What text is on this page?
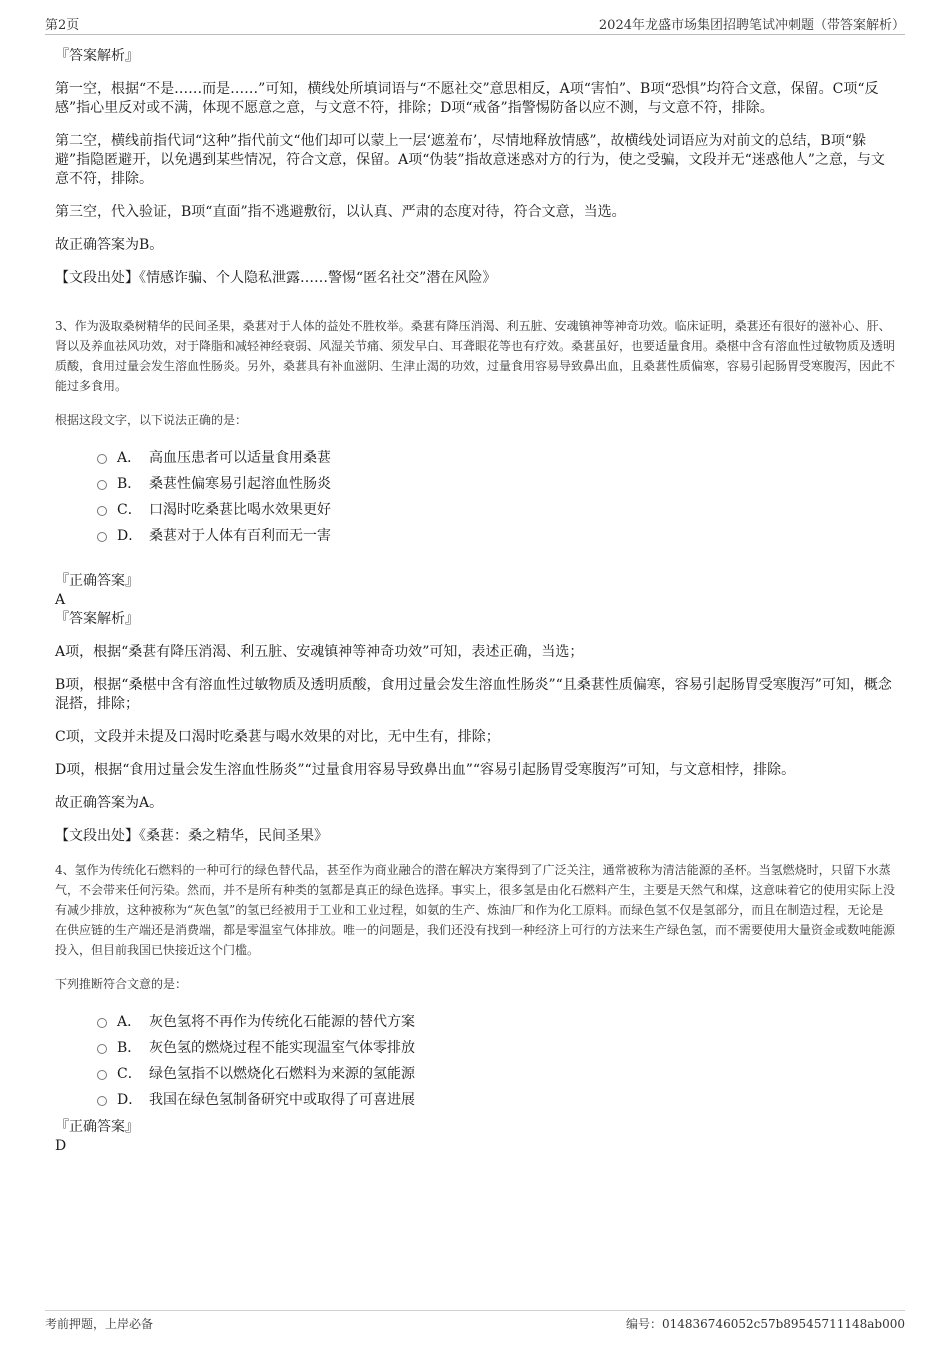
第2页	2024年龙盛市场集团招聘笔试冲刺题（带答案解析）

『答案解析』

第一空，根据“不是……而是……”可知，横线处所填词语与“不愿社交”意思相反，A项“害怕”、B项“恐惧”均符合文意，保留。C项“反感”指心里反对或不满，体现不愿意之意，与文意不符，排除；D项“戒备”指警惕防备以应不测，与文意不符，排除。

第二空，横线前指代词“这种”指代前文“他们却可以蒙上一层‘遮羞布’，尽情地释放情感”，故横线处词语应为对前文的总结，B项“躲避”指隐匿避开，以免遇到某些情况，符合文意，保留。A项“伪装”指故意迷惑对方的行为，使之受骗，文段并无“迷惑他人”之意，与文意不符，排除。

第三空，代入验证，B项“直面”指不逃避敷衍，以认真、严肃的态度对待，符合文意，当选。

故正确答案为B。

【文段出处】《情感诈骗、个人隐私泄露……警惕“匿名社交”潜在风险》

3、作为汲取桑树精华的民间圣果，桑葚对于人体的益处不胜枚举。桑葚有降压消渴、利五脏、安魂镇神等神奇功效。临床证明，桑葚还有很好的滋补心、肝、肾以及养血祛风功效，对于降脂和减轻神经衰弱、风湿关节痛、须发早白、耳聋眼花等也有疗效。桑葚虽好，也要适量食用。桑椹中含有溶血性过敏物质及透明质酸，食用过量会发生溶血性肠炎。另外，桑葚具有补血滋阴、生津止渴的功效，过量食用容易导致鼻出血，且桑葚性质偏寒，容易引起肠胃受寒腹泻，因此不能过多食用。

根据这段文字，以下说法正确的是：

A． 高血压患者可以适量食用桑葚
B． 桑葚性偏寒易引起溶血性肠炎
C． 口渴时吃桑葚比喝水效果更好
D． 桑葚对于人体有百利而无一害

『正确答案』

A

『答案解析』

A项，根据“桑葚有降压消渴、利五脏、安魂镇神等神奇功效”可知，表述正确，当选；

B项，根据“桑椹中含有溶血性过敏物质及透明质酸，食用过量会发生溶血性肠炎”“且桑葚性质偏寒，容易引起肠胃受寒腹泻”可知，概念混搭，排除；

C项，文段并未提及口渴时吃桑葚与喝水效果的对比，无中生有，排除；

D项，根据“食用过量会发生溶血性肠炎”“过量食用容易导致鼻出血”“容易引起肠胃受寒腹泻”可知，与文意相悖，排除。

故正确答案为A。

【文段出处】《桑葚：桑之精华，民间圣果》

4、氢作为传统化石燃料的一种可行的绿色替代品，甚至作为商业融合的潜在解决方案得到了广泛关注，通常被称为清洁能源的圣杯。当氢燃烧时，只留下水蒸气，不会带来任何污染。然而，并不是所有种类的氢都是真正的绿色选择。事实上，很多氢是由化石燃料产生，主要是天然气和煤，这意味着它的使用实际上没有减少排放，这种被称为“灰色氢”的氢已经被用于工业和工业过程，如氨的生产、炼油厂和作为化工原料。而绿色氢不仅是氢部分，而且在制造过程，无论是在供应链的生产端还是消费端，都是零温室气体排放。唯一的问题是，我们还没有找到一种经济上可行的方法来生产绿色氢，而不需要使用大量资金或数吨能源投入，但目前我国已快接近这个门槛。

下列推断符合文意的是：

A． 灰色氢将不再作为传统化石能源的替代方案
B． 灰色氢的燃烧过程不能实现温室气体零排放
C． 绿色氢指不以燃烧化石燃料为来源的氢能源
D． 我国在绿色氢制备研究中或取得了可喜进展

『正确答案』

D

考前押题，上岸必备	编号：014836746052c57b89545711148ab000
